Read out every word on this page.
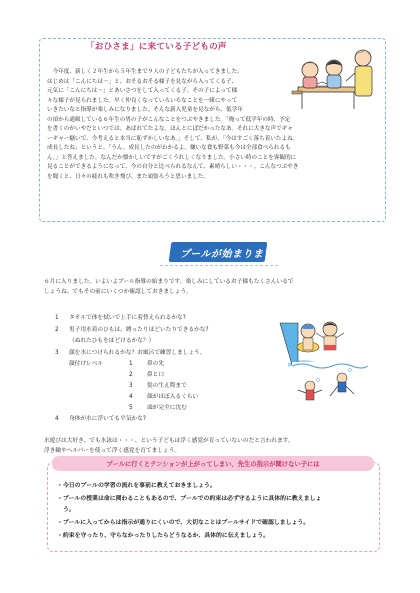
「おひさま」に来ている子どもの声
　今年度、新しく２年生から５年生まで９人の子どもたちが入ってきました。
はじめは「こんにちは〜」と、おそるおそる様子を見ながら入ってくる子、
元気に「こんにちは〜」とあいさつをして入ってくる子、その子によって様
々な様子が見られました。早く仲良くなっていろいろなことを一緒にやって
いきたいなと指導が楽しみになりました。そんな新入児童を見ながら、低学年
の頃から通級している６年生の男の子がこんなことをつぶやきました。「俺って低学年の時、予定
を書くのがいやだといつでは、あばれてたよな。ほんとにばだかったなあ。それに大きな声でギャ
ーギャー騒いで、今考えると本当に恥ずかしいなあ。」そして、私が、「今はすごく落ち着いたよね。
成長したね」というと、「うん。成長したのがわかるよ。嫌いな食も野菜も今は全部食べられるも
ん。」と答えました。なんだか懐かしいですがごくうれしくなりました。小さい時のことを客観的に
見ることができるようになって、今の自分と比べられるなんて、素晴らしい・・・。こんなつぶやき
を聞くと、日々の疲れも吹き飛び、また頑張ろうと思いました。
プールが始まります
６月に入りました。いよいよプール指導の始まりです。楽しみにしているお子様もたくさんいるで
しょうね。でもその前にいくつか確認しておきましょう。
1 タオルで体を拭いで上手に着替えられるかな?
2 男子用水着のひもは、縛ったりほどいたりできるかな?
（ぬれたひもをほどけるかな？）
3 顔を水につけられるかな？お風呂で練習しましょう。
顔付けレベル	1	鼻の先
2	鼻と口
3	髪の生え際まで
4	顔がほぼ入るくらい
5	頭が完全に沈む
4 身体が水に浮いても平気かな?
水遊びは大好き、でも水泳は・・・、という子どもは浮く感覚が育っていないのだと言われます。
浮き輪やヘルパーを使って浮く感覚を育てましょう。
プールに行くとテンションが上がってしまい、先生の指示が聞けない子には
・今日のプールの学習の流れを事前に教えておきましょう。
・プールの授業は命に関わることもあるので、プールでの約束は必ず守るように具体的に教えましょ
う。
・プールに入ってからは指示が通りにくいので、大切なことはプールサイドで確認しましょう。
・約束を守ったり、守らなかったりしたらどうなるか、具体的に伝えましょう。
